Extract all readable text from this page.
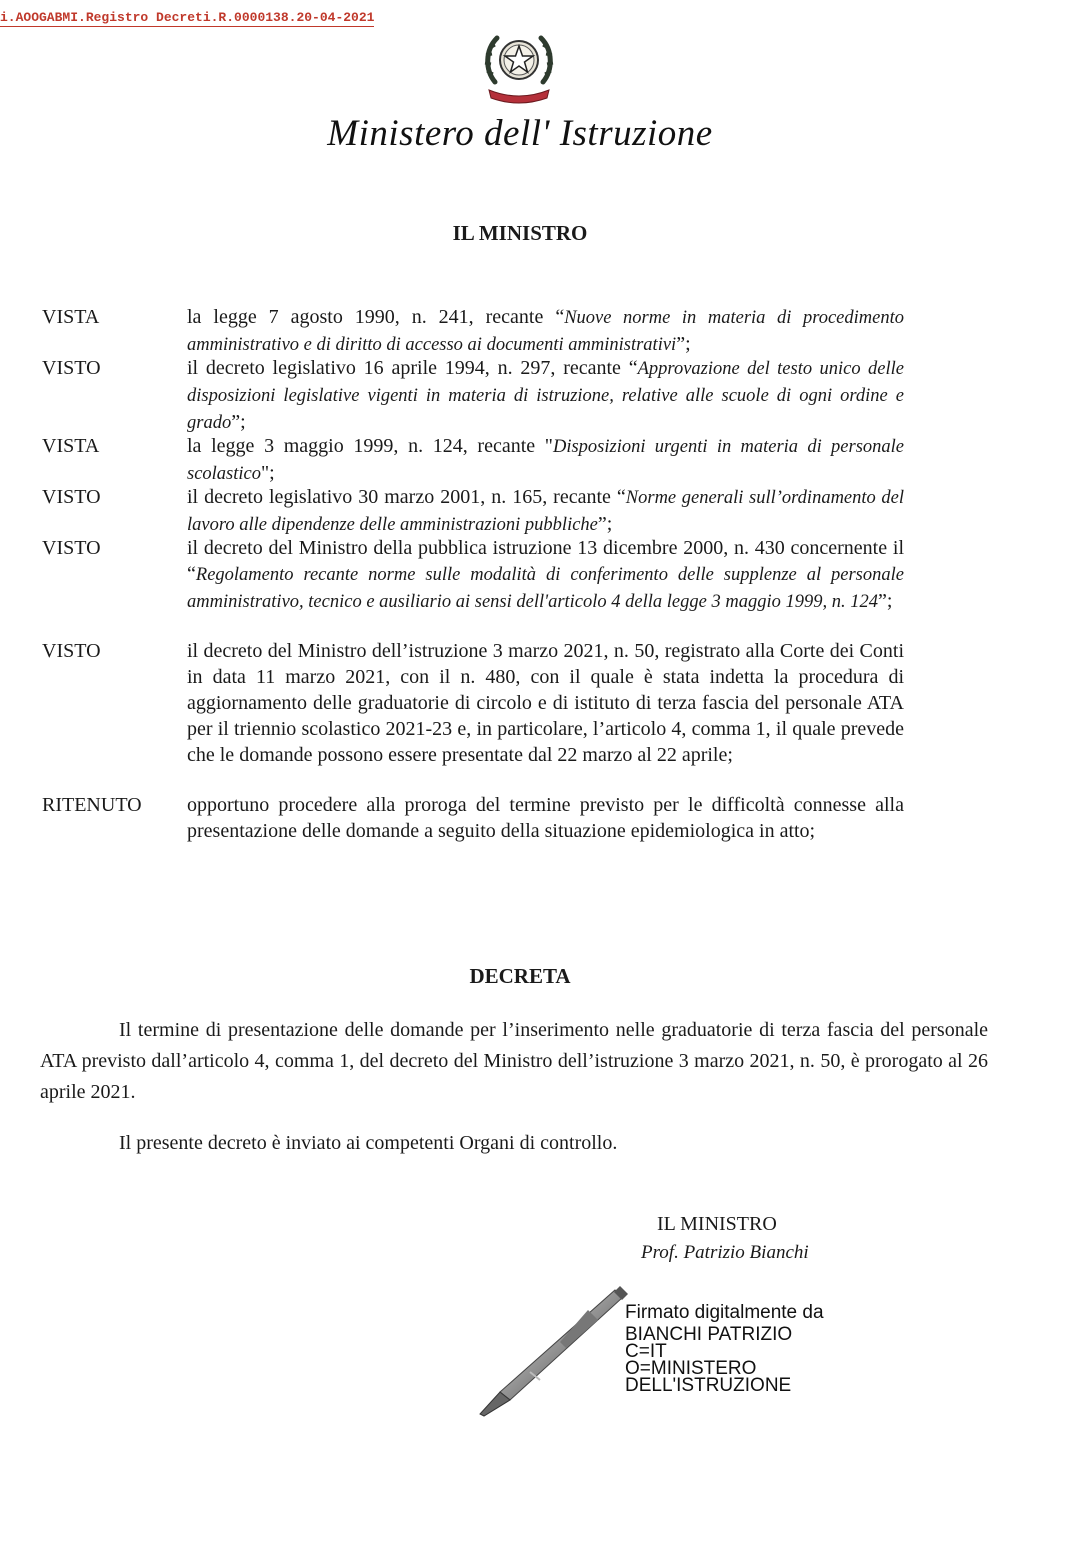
i.AOOGABMI.Registro Decreti.R.0000138.20-04-2021
Ministero dell' Istruzione
IL MINISTRO
VISTA	la legge 7 agosto 1990, n. 241, recante “Nuove norme in materia di procedimento amministrativo e di diritto di accesso ai documenti amministrativi”;
VISTO	il decreto legislativo 16 aprile 1994, n. 297, recante “Approvazione del testo unico delle disposizioni legislative vigenti in materia di istruzione, relative alle scuole di ogni ordine e grado”;
VISTA	la legge 3 maggio 1999, n. 124, recante "Disposizioni urgenti in materia di personale scolastico";
VISTO	il decreto legislativo 30 marzo 2001, n. 165, recante “Norme generali sull’ordinamento del lavoro alle dipendenze delle amministrazioni pubbliche”;
VISTO	il decreto del Ministro della pubblica istruzione 13 dicembre 2000, n. 430 concernente il “Regolamento recante norme sulle modalità di conferimento delle supplenze al personale amministrativo, tecnico e ausiliario ai sensi dell'articolo 4 della legge 3 maggio 1999, n. 124”;
VISTO	il decreto del Ministro dell’istruzione 3 marzo 2021, n. 50, registrato alla Corte dei Conti in data 11 marzo 2021, con il n. 480, con il quale è stata indetta la procedura di aggiornamento delle graduatorie di circolo e di istituto di terza fascia del personale ATA per il triennio scolastico 2021-23 e, in particolare, l’articolo 4, comma 1, il quale prevede che le domande possono essere presentate dal 22 marzo al 22 aprile;
RITENUTO opportuno procedere alla proroga del termine previsto per le difficoltà connesse alla presentazione delle domande a seguito della situazione epidemiologica in atto;
DECRETA
Il termine di presentazione delle domande per l’inserimento nelle graduatorie di terza fascia del personale ATA previsto dall’articolo 4, comma 1, del decreto del Ministro dell’istruzione 3 marzo 2021, n. 50, è prorogato al 26 aprile 2021.
Il presente decreto è inviato ai competenti Organi di controllo.
IL MINISTRO
Prof. Patrizio Bianchi
Firmato digitalmente da
BIANCHI PATRIZIO
C=IT
O=MINISTERO
DELL'ISTRUZIONE
